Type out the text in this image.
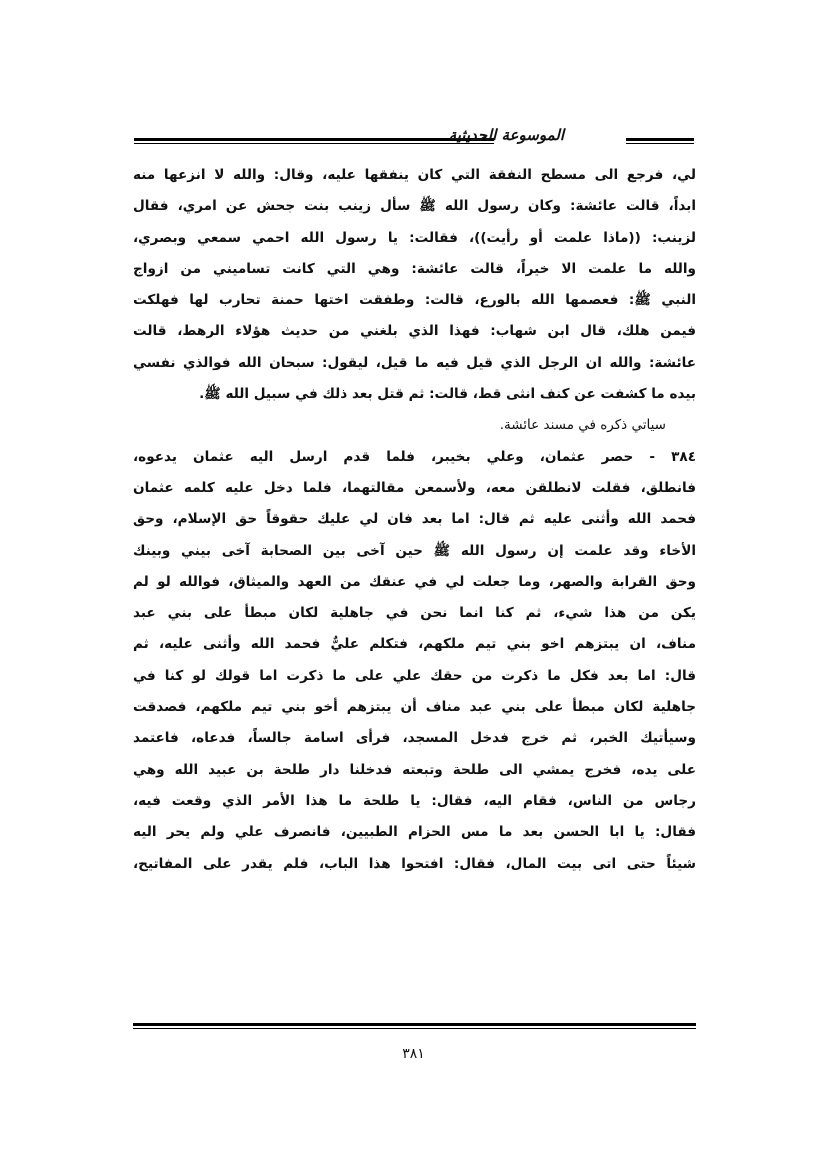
الموسوعة الحديثية
لي، فرجع الى مسطح النفقة التي كان ينفقها عليه، وقال: والله لا انزعها منه
ابداً، قالت عائشة: وكان رسول الله ﷺ سأل زينب بنت جحش عن امري، فقال
لزينب: ((ماذا علمت أو رأيت))، فقالت: يا رسول الله احمي سمعي وبصري،
والله ما علمت الا خيراً، قالت عائشة: وهي التي كانت تساميني من ازواج
النبي ﷺ: فعصمها الله بالورع، قالت: وطفقت اختها حمنة تحارب لها فهلكت
فيمن هلك، قال ابن شهاب: فهذا الذي بلغني من حديث هؤلاء الرهط، قالت
عائشة: والله ان الرجل الذي قيل فيه ما قيل، ليقول: سبحان الله فوالذي نفسي
بيده ما كشفت عن كنف انثى قط، قالت: ثم قتل بعد ذلك في سبيل الله ﷺ.
سياتي ذكره في مسند عائشة.
٣٨٤ - حصر عثمان، وعلي بخيبر، فلما قدم ارسل اليه عثمان يدعوه،
فانطلق، فقلت لانطلقن معه، ولأسمعن مقالتهما، فلما دخل عليه كلمه عثمان
فحمد الله وأثنى عليه ثم قال: اما بعد فان لي عليك حقوقاً حق الإسلام، وحق
الأخاء وقد علمت إن رسول الله ﷺ حين آخى بين الصحابة آخى بيني وبينك
وحق القرابة والصهر، وما جعلت لي في عنقك من العهد والميثاق، فوالله لو لم
يكن من هذا شيء، ثم كنا انما نحن في جاهلية لكان مبطأ على بني عبد
مناف، ان يبتزهم اخو بني تيم ملكهم، فتكلم عليٌّ فحمد الله وأثنى عليه، ثم
قال: اما بعد فكل ما ذكرت من حقك علي على ما ذكرت اما قولك لو كنا في
جاهلية لكان مبطأ على بني عبد مناف أن يبتزهم أخو بني تيم ملكهم، فصدقت
وسيأتيك الخبر، ثم خرج فدخل المسجد، فرأى اسامة جالساً، فدعاه، فاعتمد
على يده، فخرج يمشي الى طلحة وتبعته فدخلنا دار طلحة بن عبيد الله وهي
رجاس من الناس، فقام اليه، فقال: يا طلحة ما هذا الأمر الذي وقعت فيه،
فقال: يا ابا الحسن بعد ما مس الحزام الطبيين، فانصرف علي ولم يحر اليه
شيئاً حتى اتى بيت المال، فقال: افتحوا هذا الباب، فلم يقدر على المفاتيح،
٣٨١
